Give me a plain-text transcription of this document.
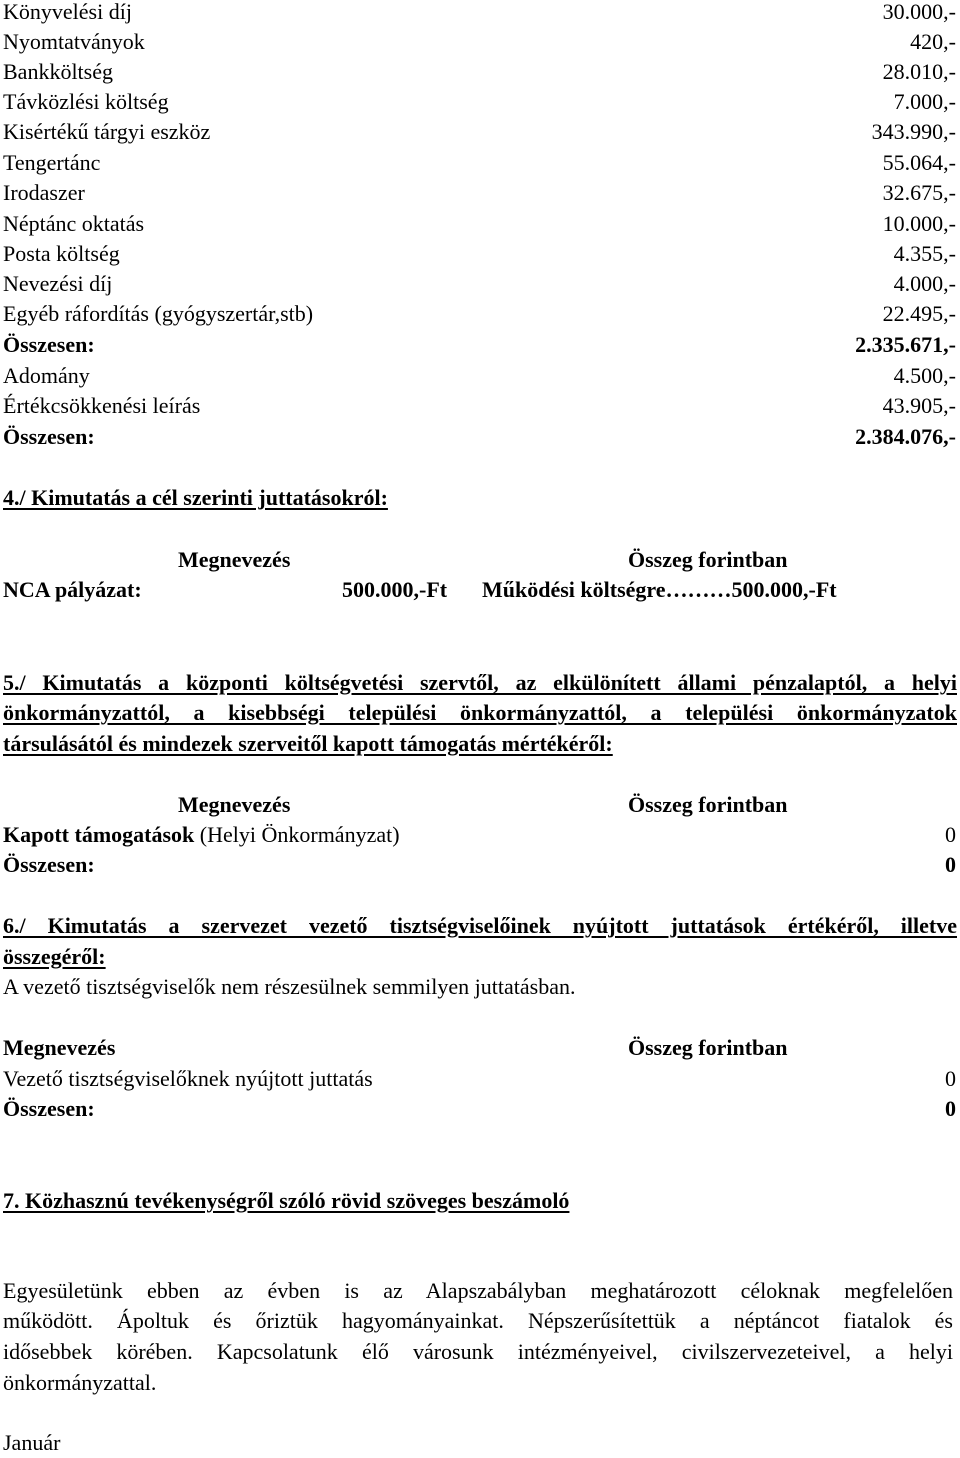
Könyvelési díj	30.000,-
Nyomtatványok	420,-
Bankköltség	28.010,-
Távközlési költség	7.000,-
Kisértékű tárgyi eszköz	343.990,-
Tengertánc	55.064,-
Irodaszer	32.675,-
Néptánc oktatás	10.000,-
Posta költség	4.355,-
Nevezési díj	4.000,-
Egyéb ráfordítás (gyógyszertár,stb)	22.495,-
Összesen:	2.335.671,-
Adomány	4.500,-
Értékcsökkenési leírás	43.905,-
Összesen:	2.384.076,-
4./ Kimutatás a cél szerinti juttatásokról:
Megnevezés	Összeg forintban
NCA pályázat:	500.000,-Ft Működési költségre………500.000,-Ft
5./ Kimutatás a központi költségvetési szervtől, az elkülönített állami pénzalaptól, a helyi
önkormányzattól, a kisebbségi települési önkormányzattól, a települési önkormányzatok
társulásától és mindezek szerveitől kapott támogatás mértékéről:
Megnevezés	Összeg forintban
Kapott támogatások (Helyi Önkormányzat)	0
Összesen:	0
6./ Kimutatás a szervezet vezető tisztségviselőinek nyújtott juttatások értékéről, illetve
összegéről:
A vezető tisztségviselők nem részesülnek semmilyen juttatásban.
Megnevezés	Összeg forintban
Vezető tisztségviselőknek nyújtott juttatás	0
Összesen:	0
7. Közhasznú tevékenységről szóló rövid szöveges beszámoló
Egyesületünk ebben az évben is az Alapszabályban meghatározott céloknak megfelelően
működött. Ápoltuk és őriztük hagyományainkat. Népszerűsítettük a néptáncot fiatalok és
idősebbek körében. Kapcsolatunk élő városunk intézményeivel, civilszervezeteivel, a helyi
önkormányzattal.
Január
